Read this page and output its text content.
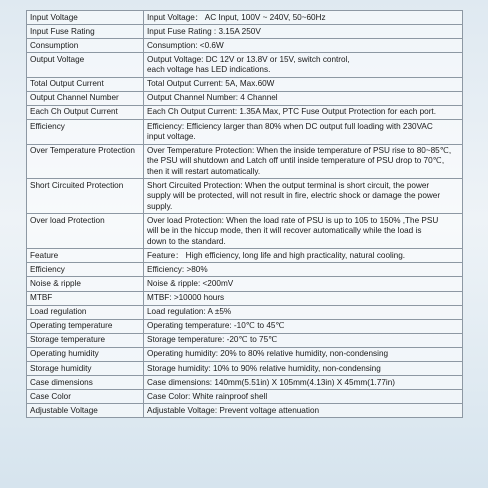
Input Voltage	Input Voltage： AC Input, 100V ~ 240V, 50~60Hz

Input Fuse Rating	Input Fuse Rating : 3.15A 250V

Consumption	Consumption: <0.6W

Output Voltage	Output Voltage: DC 12V or 13.8V or 15V, switch control,
each voltage has LED indications.

Total Output Current	Total Output Current: 5A, Max.60W

Output Channel Number	Output Channel Number: 4 Channel

Each Ch Output Current	Each Ch Output Current: 1.35A Max, PTC Fuse Output Protection for each port.

Efficiency	Efficiency: Efficiency larger than 80% when DC output full loading with 230VAC
input voltage.

Over Temperature Protection	Over Temperature Protection: When the inside temperature of PSU rise to 80~85℃,
the PSU will shutdown and Latch off until inside temperature of PSU drop to 70℃,
then it will restart automatically.

Short Circuited Protection	Short Circuited Protection: When the output terminal is short circuit, the power
supply will be protected, will not result in fire, electric shock or damage the power
supply.

Over load Protection	Over load Protection: When the load rate of PSU is up to 105 to 150% ,The PSU
will be in the hiccup mode, then it will recover automatically while the load is
down to the standard.

Feature	Feature： High efficiency, long life and high practicality, natural cooling.

Efficiency	Efficiency: >80%

Noise & ripple	Noise & ripple: <200mV

MTBF	MTBF: >10000 hours

Load regulation	Load regulation: A ±5%

Operating temperature	Operating temperature: -10℃ to 45℃

Storage temperature	Storage temperature: -20℃ to 75℃

Operating humidity	Operating humidity: 20% to 80% relative humidity, non-condensing

Storage humidity	Storage humidity: 10% to 90% relative humidity, non-condensing

Case dimensions	Case dimensions: 140mm(5.51in) X 105mm(4.13in) X 45mm(1.77in)

Case Color	Case Color: White rainproof shell

Adjustable Voltage	Adjustable Voltage: Prevent voltage attenuation
